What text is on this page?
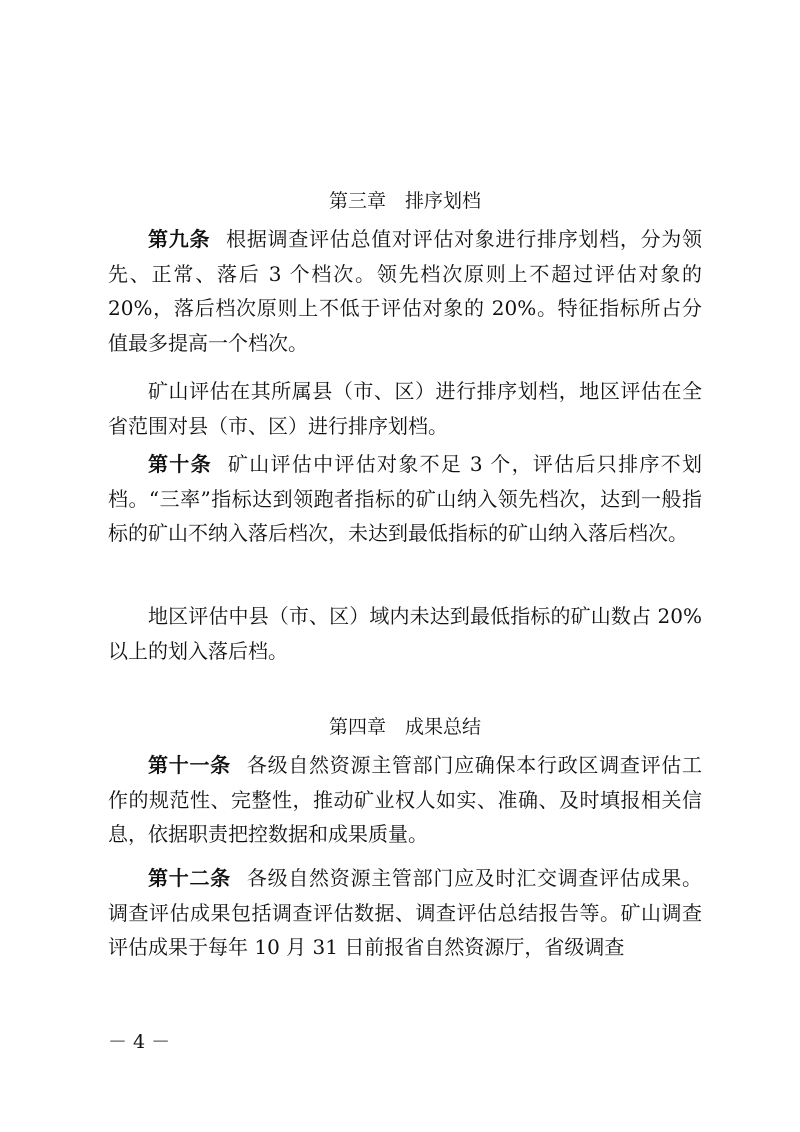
第三章　排序划档

第九条 根据调查评估总值对评估对象进行排序划档，分为领先、正常、落后 3 个档次。领先档次原则上不超过评估对象的 20%，落后档次原则上不低于评估对象的 20%。特征指标所占分值最多提高一个档次。

矿山评估在其所属县（市、区）进行排序划档，地区评估在全省范围对县（市、区）进行排序划档。

第十条 矿山评估中评估对象不足 3 个，评估后只排序不划档。“三率”指标达到领跑者指标的矿山纳入领先档次，达到一般指标的矿山不纳入落后档次，未达到最低指标的矿山纳入落后档次。

地区评估中县（市、区）域内未达到最低指标的矿山数占 20%以上的划入落后档。

第四章　成果总结

第十一条 各级自然资源主管部门应确保本行政区调查评估工作的规范性、完整性，推动矿业权人如实、准确、及时填报相关信息，依据职责把控数据和成果质量。

第十二条 各级自然资源主管部门应及时汇交调查评估成果。调查评估成果包括调查评估数据、调查评估总结报告等。矿山调查评估成果于每年 10 月 31 日前报省自然资源厅，省级调查

－ 4 －
